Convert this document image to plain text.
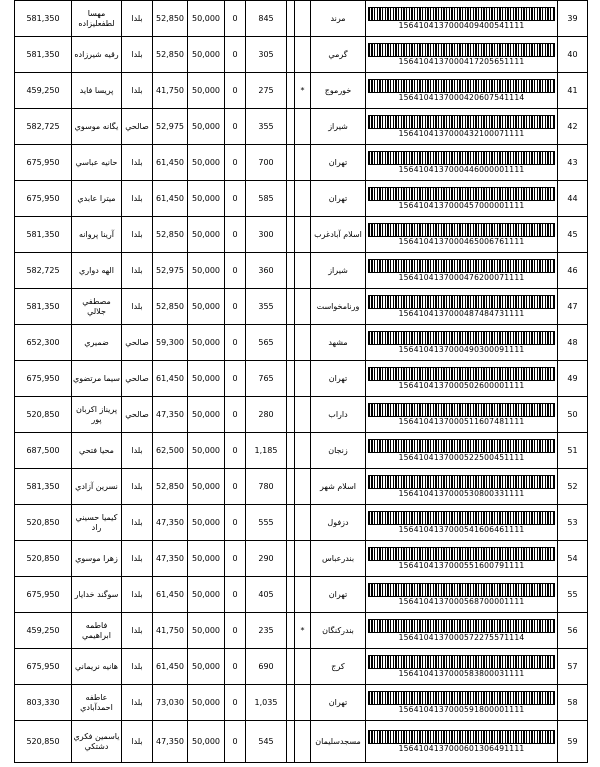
581,350	مهسا لطفعليزاده	بلدا	52,850	50,000	0	845			مرند	1564104137000409400541111	39
581,350	رقيه شيرزاده	بلدا	52,850	50,000	0	305			گرمي	1564104137000417205651111	40
459,250	پريسا فايد	بلدا	41,750	50,000	0	275		*	خورموج	1564104137000420607541114	41
582,725	يگانه موسوي	صالحي	52,975	50,000	0	355			شيراز	1564104137000432100071111	42
675,950	حانيه عباسي	بلدا	61,450	50,000	0	700			تهران	1564104137000446000001111	43
675,950	ميترا عابدي	بلدا	61,450	50,000	0	585			تهران	1564104137000457000001111	44
581,350	آرينا پروانه	بلدا	52,850	50,000	0	300			اسلام آبادغرب	1564104137000465006761111	45
582,725	الهه دواري	بلدا	52,975	50,000	0	360			شيراز	1564104137000476200071111	46
581,350	مصطفي جلالي	بلدا	52,850	50,000	0	355			ورنامخواست	1564104137000487484731111	47
652,300	ضميري	صالحي	59,300	50,000	0	565			مشهد	1564104137000490300091111	48
675,950	سيما مرتضوي	صالحي	61,450	50,000	0	765			تهران	1564104137000502600001111	49
520,850	پريناز اكربان پور	صالحي	47,350	50,000	0	280			داراب	1564104137000511607481111	50
687,500	محيا فتحي	بلدا	62,500	50,000	0	1,185			زنجان	1564104137000522500451111	51
581,350	نسرين آزادي	بلدا	52,850	50,000	0	780			اسلام شهر	1564104137000530800331111	52
520,850	كيميا حسيني راد	بلدا	47,350	50,000	0	555			دزفول	1564104137000541606461111	53
520,850	زهرا موسوي	بلدا	47,350	50,000	0	290			بندرعباس	1564104137000551600791111	54
675,950	سوگند خدايار	بلدا	61,450	50,000	0	405			تهران	1564104137000568700001111	55
459,250	فاطمه ابراهيمي	بلدا	41,750	50,000	0	235		*	بندركنگان	1564104137000572275571114	56
675,950	هانيه نريماني	بلدا	61,450	50,000	0	690			كرج	1564104137000583800031111	57
803,330	عاطفه احمدآبادي	بلدا	73,030	50,000	0	1,035			تهران	1564104137000591800001111	58
520,850	ياسمين فكري دشتكي	بلدا	47,350	50,000	0	545			مسجدسليمان	1564104137000601306491111	59
